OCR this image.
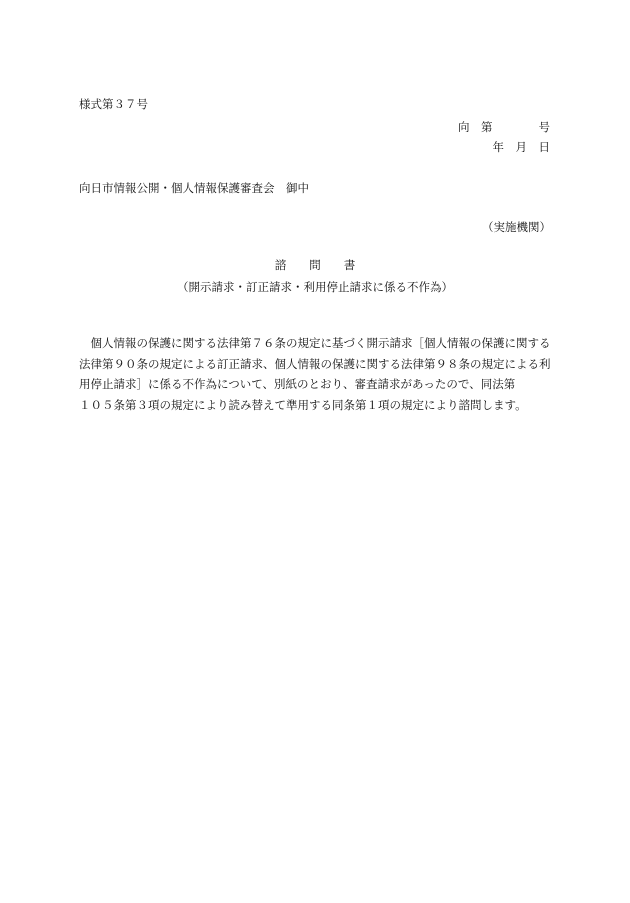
様式第３７号
向　第　　　　号
年　月　日
向日市情報公開・個人情報保護審査会　御中
（実施機関）
諮　　問　　書
（開示請求・訂正請求・利用停止請求に係る不作為）
　個人情報の保護に関する法律第７６条の規定に基づく開示請求［個人情報の保護に関する法律第９０条の規定による訂正請求、個人情報の保護に関する法律第９８条の規定による利用停止請求］に係る不作為について、別紙のとおり、審査請求があったので、同法第
１０５条第３項の規定により読み替えて準用する同条第１項の規定により諮問します。
